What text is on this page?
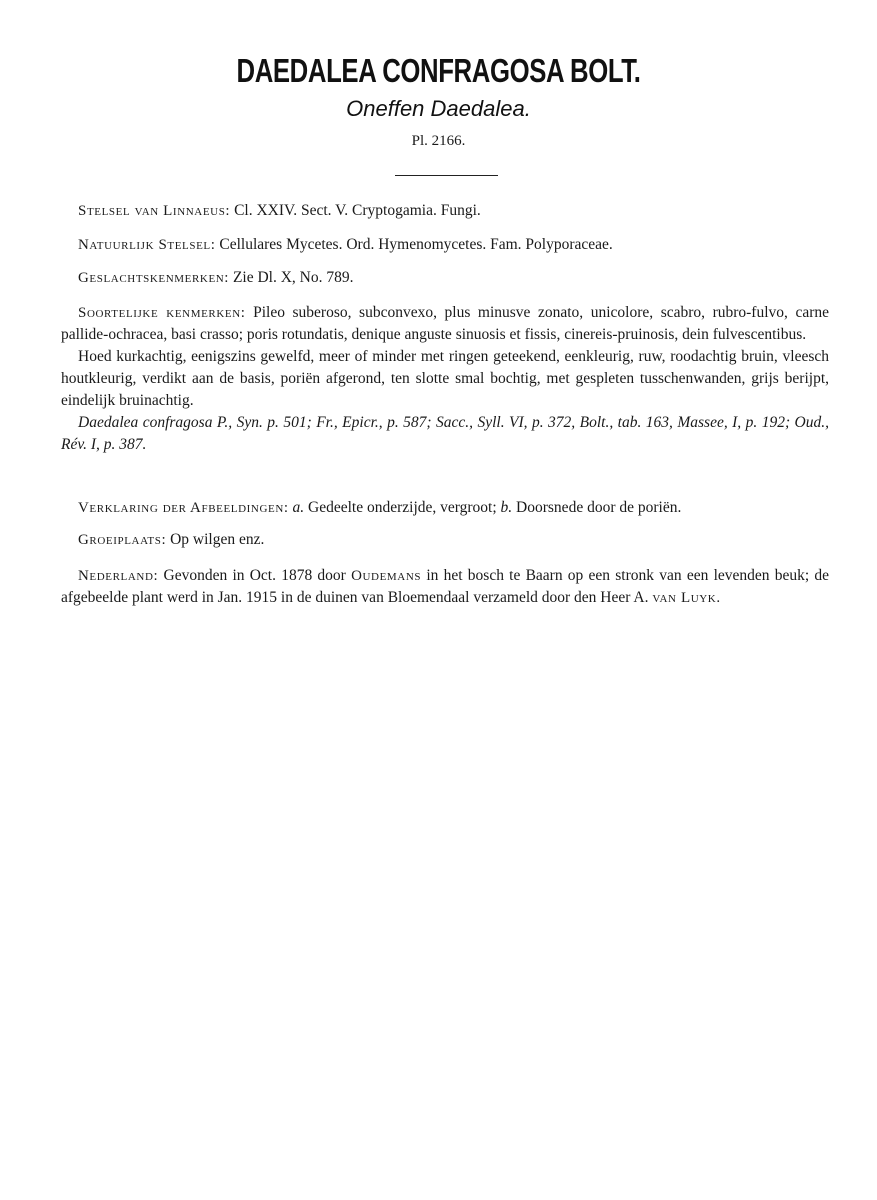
DAEDALEA CONFRAGOSA BOLT.
Oneffen Daedalea.
Pl. 2166.

Stelsel van Linnaeus: Cl. XXIV. Sect. V. Cryptogamia. Fungi.

Natuurlijk Stelsel: Cellulares Mycetes. Ord. Hymenomycetes. Fam. Polyporaceae.

Geslachtskenmerken: Zie Dl. X, No. 789.

Soortelijke kenmerken: Pileo suberoso, subconvexo, plus minusve zonato, unicolore, scabro, rubro-fulvo, carne pallide-ochracea, basi crasso; poris rotundatis, denique anguste sinuosis et fissis, cinereis-pruinosis, dein fulvescentibus.

Hoed kurkachtig, eenigszins gewelfd, meer of minder met ringen geteekend, eenkleurig, ruw, roodachtig bruin, vleesch houtkleurig, verdikt aan de basis, poriën afgerond, ten slotte smal bochtig, met gespleten tusschenwanden, grijs berijpt, eindelijk bruinachtig.

Daedalea confragosa P., Syn. p. 501; Fr., Epicr., p. 587; Sacc., Syll. VI, p. 372, Bolt., tab. 163, Massee, I, p. 192; Oud., Rév. I, p. 387.

Verklaring der Afbeeldingen: a. Gedeelte onderzijde, vergroot; b. Doorsnede door de poriën.

Groeiplaats: Op wilgen enz.

Nederland: Gevonden in Oct. 1878 door Oudemans in het bosch te Baarn op een stronk van een levenden beuk; de afgebeelde plant werd in Jan. 1915 in de duinen van Bloemendaal verzameld door den Heer A. van Luyk.
